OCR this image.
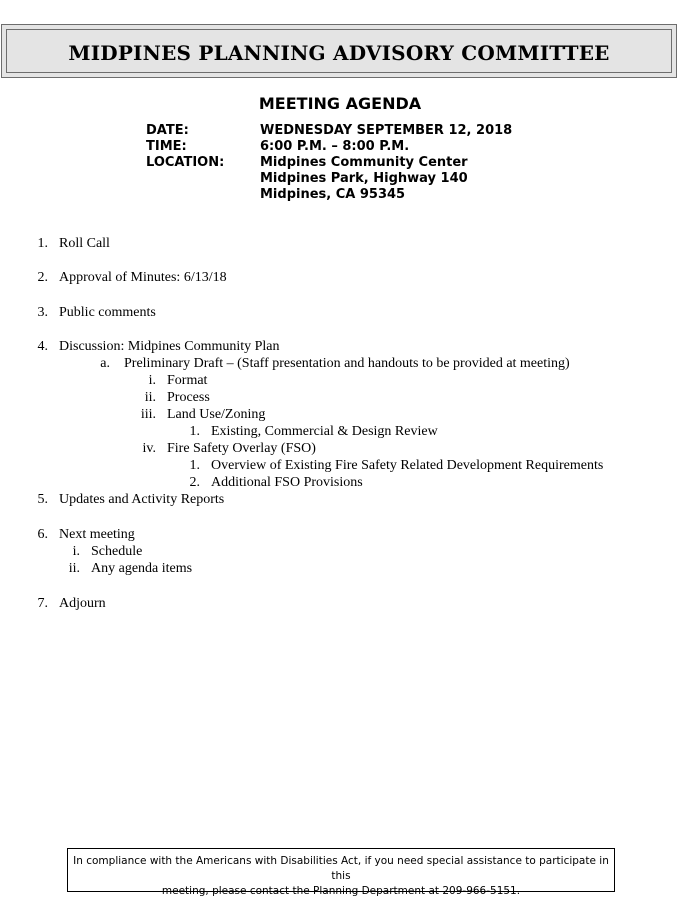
MIDPINES PLANNING ADVISORY COMMITTEE
MEETING AGENDA
DATE:	WEDNESDAY SEPTEMBER 12, 2018
TIME:	6:00 P.M. – 8:00 P.M.
LOCATION:	Midpines Community Center
Midpines Park, Highway 140
Midpines, CA 95345
1. Roll Call
2. Approval of Minutes: 6/13/18
3. Public comments
4. Discussion: Midpines Community Plan
a. Preliminary Draft – (Staff presentation and handouts to be provided at meeting)
i. Format
ii. Process
iii. Land Use/Zoning
1. Existing, Commercial & Design Review
iv. Fire Safety Overlay (FSO)
1. Overview of Existing Fire Safety Related Development Requirements
2. Additional FSO Provisions
5. Updates and Activity Reports
6. Next meeting
i. Schedule
ii. Any agenda items
7. Adjourn
In compliance with the Americans with Disabilities Act, if you need special assistance to participate in this
meeting, please contact the Planning Department at 209-966-5151.
